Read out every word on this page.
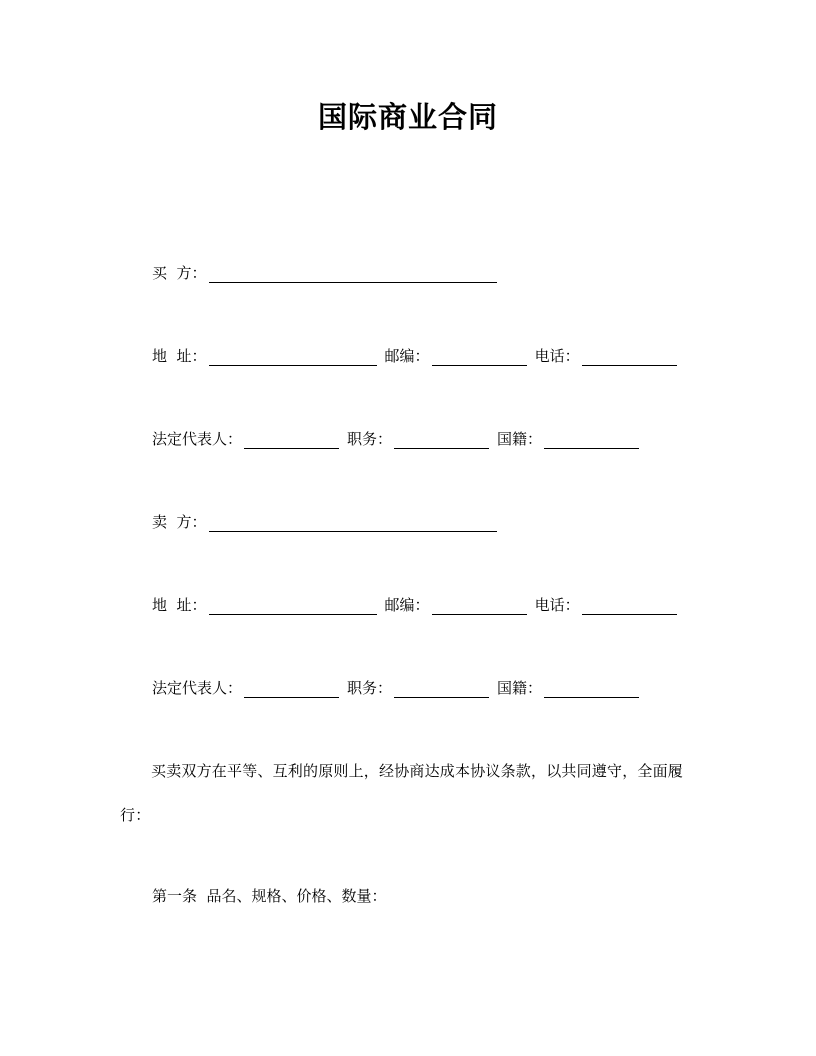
国际商业合同
买  方：
地  址：	邮编：	电话：
法定代表人：	职务：	国籍：
卖  方：
地  址：	邮编：	电话：
法定代表人：	职务：	国籍：
买卖双方在平等、互利的原则上，经协商达成本协议条款，以共同遵守，全面履行：
第一条  品名、规格、价格、数量：
